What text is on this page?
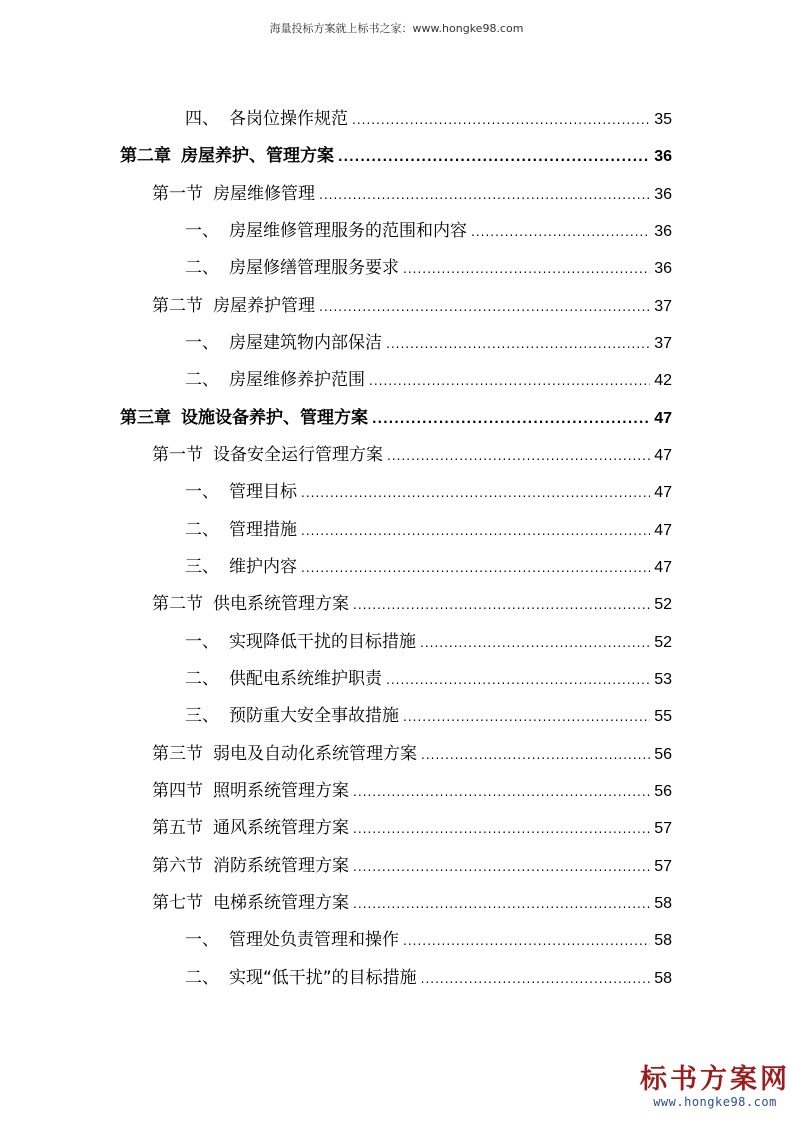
海量投标方案就上标书之家：www.hongke98.com
四、 各岗位操作规范 .....	35
第二章 房屋养护、管理方案 .....	36
第一节 房屋维修管理 .....	36
一、 房屋维修管理服务的范围和内容 .....	36
二、 房屋修缮管理服务要求 .....	36
第二节 房屋养护管理 .....	37
一、 房屋建筑物内部保洁 .....	37
二、 房屋维修养护范围 .....	42
第三章 设施设备养护、管理方案 .....	47
第一节 设备安全运行管理方案 .....	47
一、 管理目标 .....	47
二、 管理措施 .....	47
三、 维护内容 .....	47
第二节 供电系统管理方案 .....	52
一、 实现降低干扰的目标措施 .....	52
二、 供配电系统维护职责 .....	53
三、 预防重大安全事故措施 .....	55
第三节 弱电及自动化系统管理方案 .....	56
第四节 照明系统管理方案 .....	56
第五节 通风系统管理方案 .....	57
第六节 消防系统管理方案 .....	57
第七节 电梯系统管理方案 .....	58
一、 管理处负责管理和操作 .....	58
二、 实现“低干扰”的目标措施 .....	58
标书方案网
www.hongke98.com
